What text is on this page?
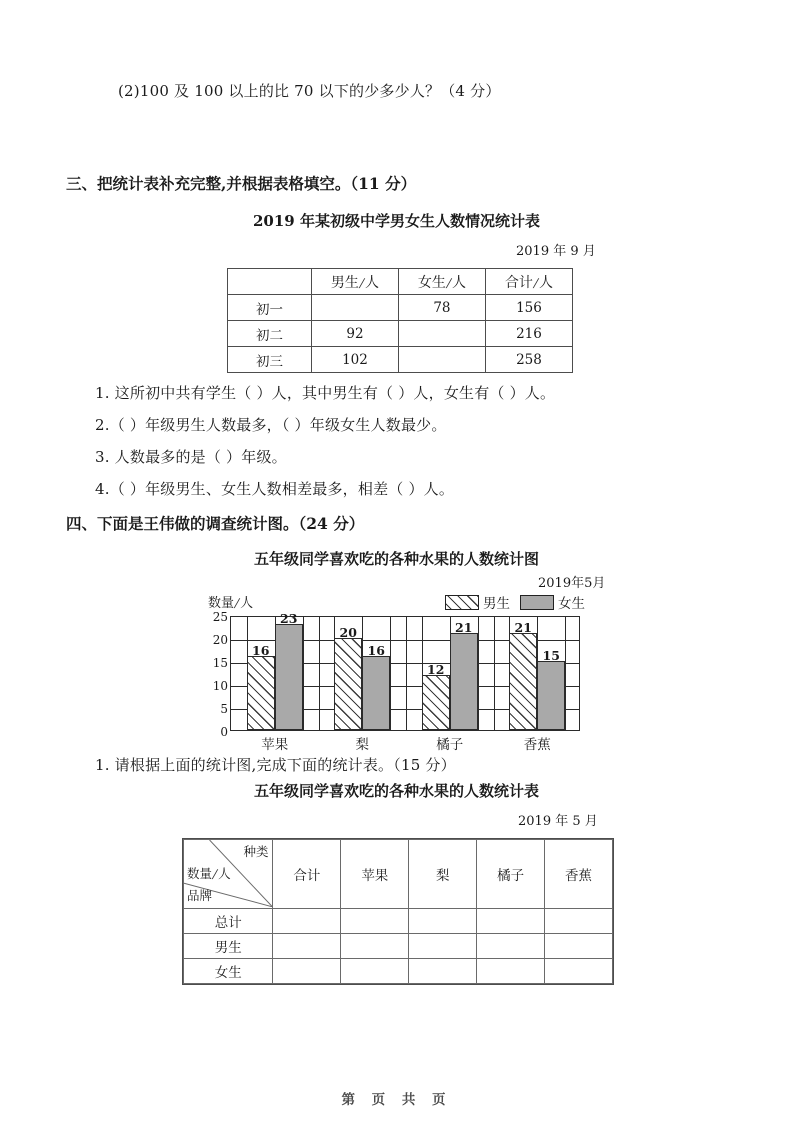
(2)100 及 100 以上的比 70 以下的少多少人？（4 分）
三、把统计表补充完整,并根据表格填空。（11 分）
2019 年某初级中学男女生人数情况统计表
2019 年 9 月
	男生/人	女生/人	合计/人
初一		78	156
初二	92		216
初三	102		258
1. 这所初中共有学生（ ）人，其中男生有（ ）人，女生有（ ）人。
2.（ ）年级男生人数最多，（ ）年级女生人数最少。
3. 人数最多的是（ ）年级。
4.（ ）年级男生、女生人数相差最多，相差（ ）人。
四、下面是王伟做的调查统计图。（24 分）
五年级同学喜欢吃的各种水果的人数统计图
2019年5月
男生	女生
数量/人
0
5
10
15
20
25
16
23
苹果
20
16
梨
12
21
橘子
21
15
香蕉
1. 请根据上面的统计图,完成下面的统计表。（15 分）
五年级同学喜欢吃的各种水果的人数统计表
2019 年 5 月
种类
数量/人
品牌	合计	苹果	梨	橘子	香蕉
总计					
男生					
女生					
第 页 共 页
